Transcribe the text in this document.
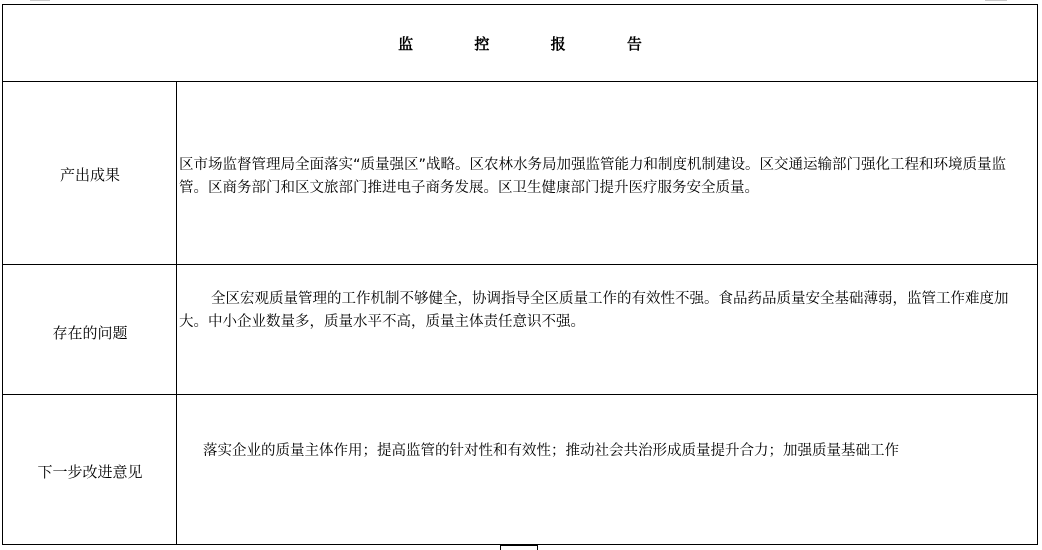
监 控 报 告
产出成果
区市场监督管理局全面落实“质量强区”战略。区农林水务局加强监管能力和制度机制建设。区交通运输部门强化工程和环境质量监管。区商务部门和区文旅部门推进电子商务发展。区卫生健康部门提升医疗服务安全质量。
存在的问题
全区宏观质量管理的工作机制不够健全，协调指导全区质量工作的有效性不强。食品药品质量安全基础薄弱，监管工作难度加大。中小企业数量多，质量水平不高，质量主体责任意识不强。
下一步改进意见
落实企业的质量主体作用；提高监管的针对性和有效性；推动社会共治形成质量提升合力；加强质量基础工作
